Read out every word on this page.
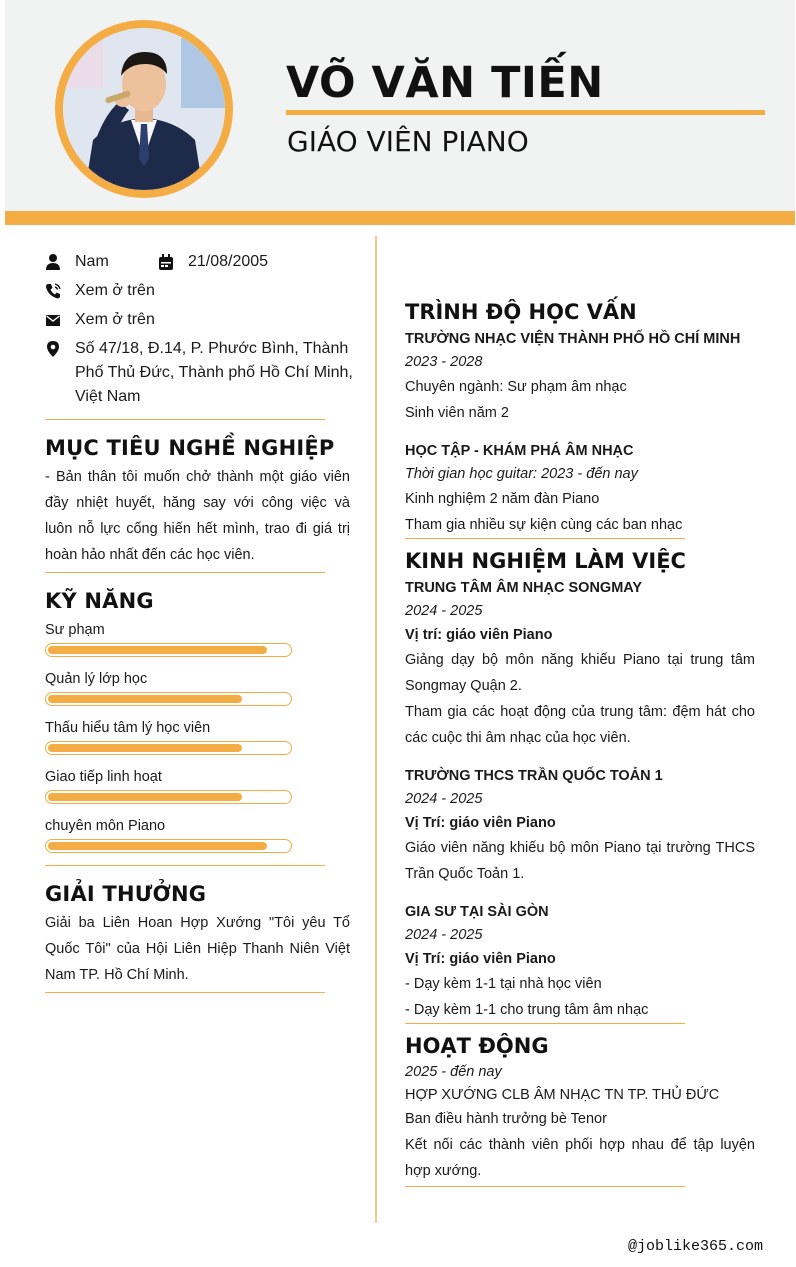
VÕ VĂN TIẾN
GIÁO VIÊN PIANO
Nam	21/08/2005
Xem ở trên
Xem ở trên
Số 47/18, Đ.14, P. Phước Bình, Thành Phố Thủ Đức, Thành phố Hồ Chí Minh, Việt Nam
MỤC TIÊU NGHỀ NGHIỆP
- Bản thân tôi muốn chở thành một giáo viên đầy nhiệt huyết, hăng say với công việc và luôn nỗ lực cống hiến hết mình, trao đi giá trị hoàn hảo nhất đến các học viên.
KỸ NĂNG
Sư phạm
Quản lý lớp học
Thấu hiểu tâm lý học viên
Giao tiếp linh hoạt
chuyên môn Piano
GIẢI THƯỞNG
Giải ba Liên Hoan Hợp Xướng "Tôi yêu Tổ Quốc Tôi" của Hội Liên Hiệp Thanh Niên Việt Nam TP. Hồ Chí Minh.
TRÌNH ĐỘ HỌC VẤN
TRƯỜNG NHẠC VIỆN THÀNH PHỐ HỒ CHÍ MINH
2023 - 2028
Chuyên ngành: Sư phạm âm nhạc
Sinh viên năm 2
HỌC TẬP - KHÁM PHÁ ÂM NHẠC
Thời gian học guitar: 2023 - đến nay
Kinh nghiệm 2 năm đàn Piano
Tham gia nhiều sự kiện cùng các ban nhạc
KINH NGHIỆM LÀM VIỆC
TRUNG TÂM ÂM NHẠC SONGMAY
2024 - 2025
Vị trí: giáo viên Piano
Giảng dạy bộ môn năng khiếu Piano tại trung tâm Songmay Quận 2.
Tham gia các hoạt động của trung tâm: đệm hát cho các cuộc thi âm nhạc của học viên.
TRƯỜNG THCS TRẦN QUỐC TOẢN 1
2024 - 2025
Vị Trí: giáo viên Piano
Giáo viên năng khiếu bộ môn Piano tại trường THCS Trần Quốc Toản 1.
GIA SƯ TẠI SÀI GÒN
2024 - 2025
Vị Trí: giáo viên Piano
- Dạy kèm 1-1 tại nhà học viên
- Dạy kèm 1-1 cho trung tâm âm nhạc
HOẠT ĐỘNG
2025 - đến nay
HỢP XƯỚNG CLB ÂM NHẠC TN TP. THỦ ĐỨC
Ban điều hành trưởng bè Tenor
Kết nối các thành viên phối hợp nhau để tập luyện hợp xướng.
@joblike365.com
